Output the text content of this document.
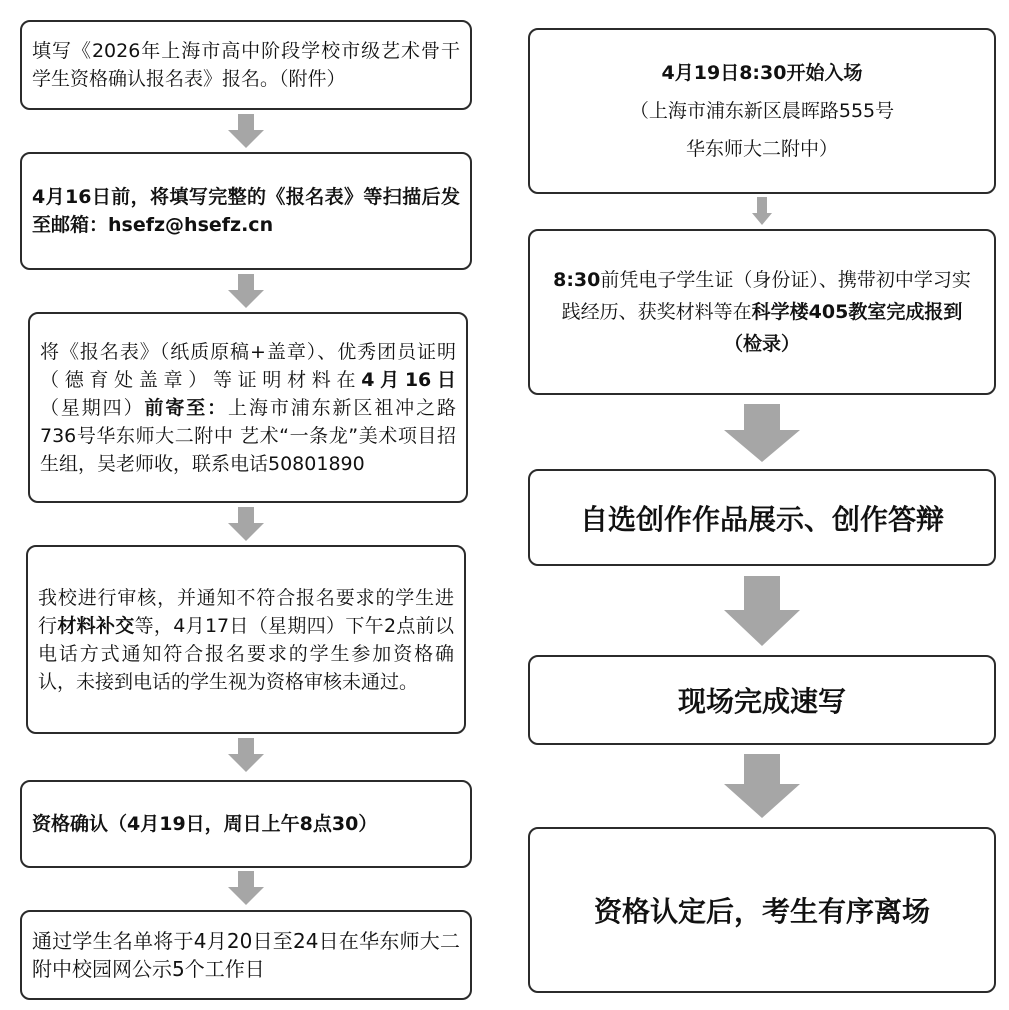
填写《2026年上海市高中阶段学校市级艺术骨干学生资格确认报名表》报名。（附件）
4月16日前，将填写完整的《报名表》等扫描后发至邮箱：hsefz@hsefz.cn
将《报名表》（纸质原稿+盖章）、优秀团员证明（德育处盖章）等证明材料在4月16日（星期四）前寄至：上海市浦东新区祖冲之路736号华东师大二附中 艺术“一条龙”美术项目招生组，吴老师收，联系电话50801890
我校进行审核，并通知不符合报名要求的学生进行材料补交等，4月17日（星期四）下午2点前以电话方式通知符合报名要求的学生参加资格确认，未接到电话的学生视为资格审核未通过。
资格确认（4月19日，周日上午8点30）
通过学生名单将于4月20日至24日在华东师大二附中校园网公示5个工作日
4月19日8:30开始入场
（上海市浦东新区晨晖路555号
华东师大二附中）
8:30前凭电子学生证（身份证）、携带初中学习实践经历、获奖材料等在科学楼405教室完成报到（检录）
自选创作作品展示、创作答辩
现场完成速写
资格认定后，考生有序离场
